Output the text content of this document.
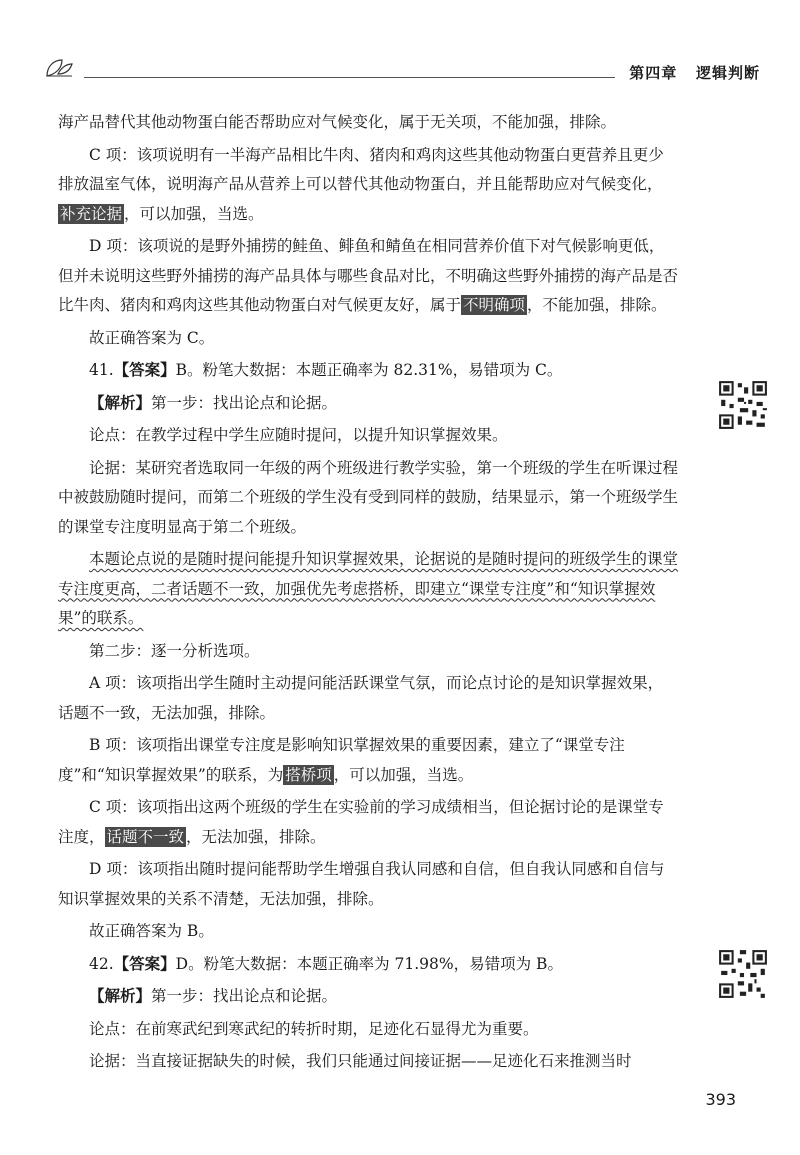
第四章 逻辑判断

海产品替代其他动物蛋白能否帮助应对气候变化，属于无关项，不能加强，排除。

C 项：该项说明有一半海产品相比牛肉、猪肉和鸡肉这些其他动物蛋白更营养且更少排放温室气体，说明海产品从营养上可以替代其他动物蛋白，并且能帮助应对气候变化，补充论据 ，可以加强，当选。

D 项：该项说的是野外捕捞的鲑鱼、鲱鱼和鲭鱼在相同营养价值下对气候影响更低，但并未说明这些野外捕捞的海产品具体与哪些食品对比，不明确这些野外捕捞的海产品是否比牛肉、猪肉和鸡肉这些其他动物蛋白对气候更友好，属于 不明确项 ，不能加强，排除。

故正确答案为 C。

41.【答案】B。粉笔大数据：本题正确率为 82.31%，易错项为 C。

【解析】第一步：找出论点和论据。

论点：在教学过程中学生应随时提问，以提升知识掌握效果。

论据：某研究者选取同一年级的两个班级进行教学实验，第一个班级的学生在听课过程中被鼓励随时提问，而第二个班级的学生没有受到同样的鼓励，结果显示，第一个班级学生的课堂专注度明显高于第二个班级。

本题论点说的是随时提问能提升知识掌握效果，论据说的是随时提问的班级学生的课堂专注度更高，二者话题不一致，加强优先考虑搭桥，即建立“课堂专注度”和“知识掌握效果”的联系。

第二步：逐一分析选项。

A 项：该项指出学生随时主动提问能活跃课堂气氛，而论点讨论的是知识掌握效果，话题不一致，无法加强，排除。

B 项：该项指出课堂专注度是影响知识掌握效果的重要因素，建立了“课堂专注度”和“知识掌握效果”的联系，为 搭桥项 ，可以加强，当选。

C 项：该项指出这两个班级的学生在实验前的学习成绩相当，但论据讨论的是课堂专注度， 话题不一致 ，无法加强，排除。

D 项：该项指出随时提问能帮助学生增强自我认同感和自信，但自我认同感和自信与知识掌握效果的关系不清楚，无法加强，排除。

故正确答案为 B。

42.【答案】D。粉笔大数据：本题正确率为 71.98%，易错项为 B。

【解析】第一步：找出论点和论据。

论点：在前寒武纪到寒武纪的转折时期，足迹化石显得尤为重要。

论据：当直接证据缺失的时候，我们只能通过间接证据——足迹化石来推测当时

393
